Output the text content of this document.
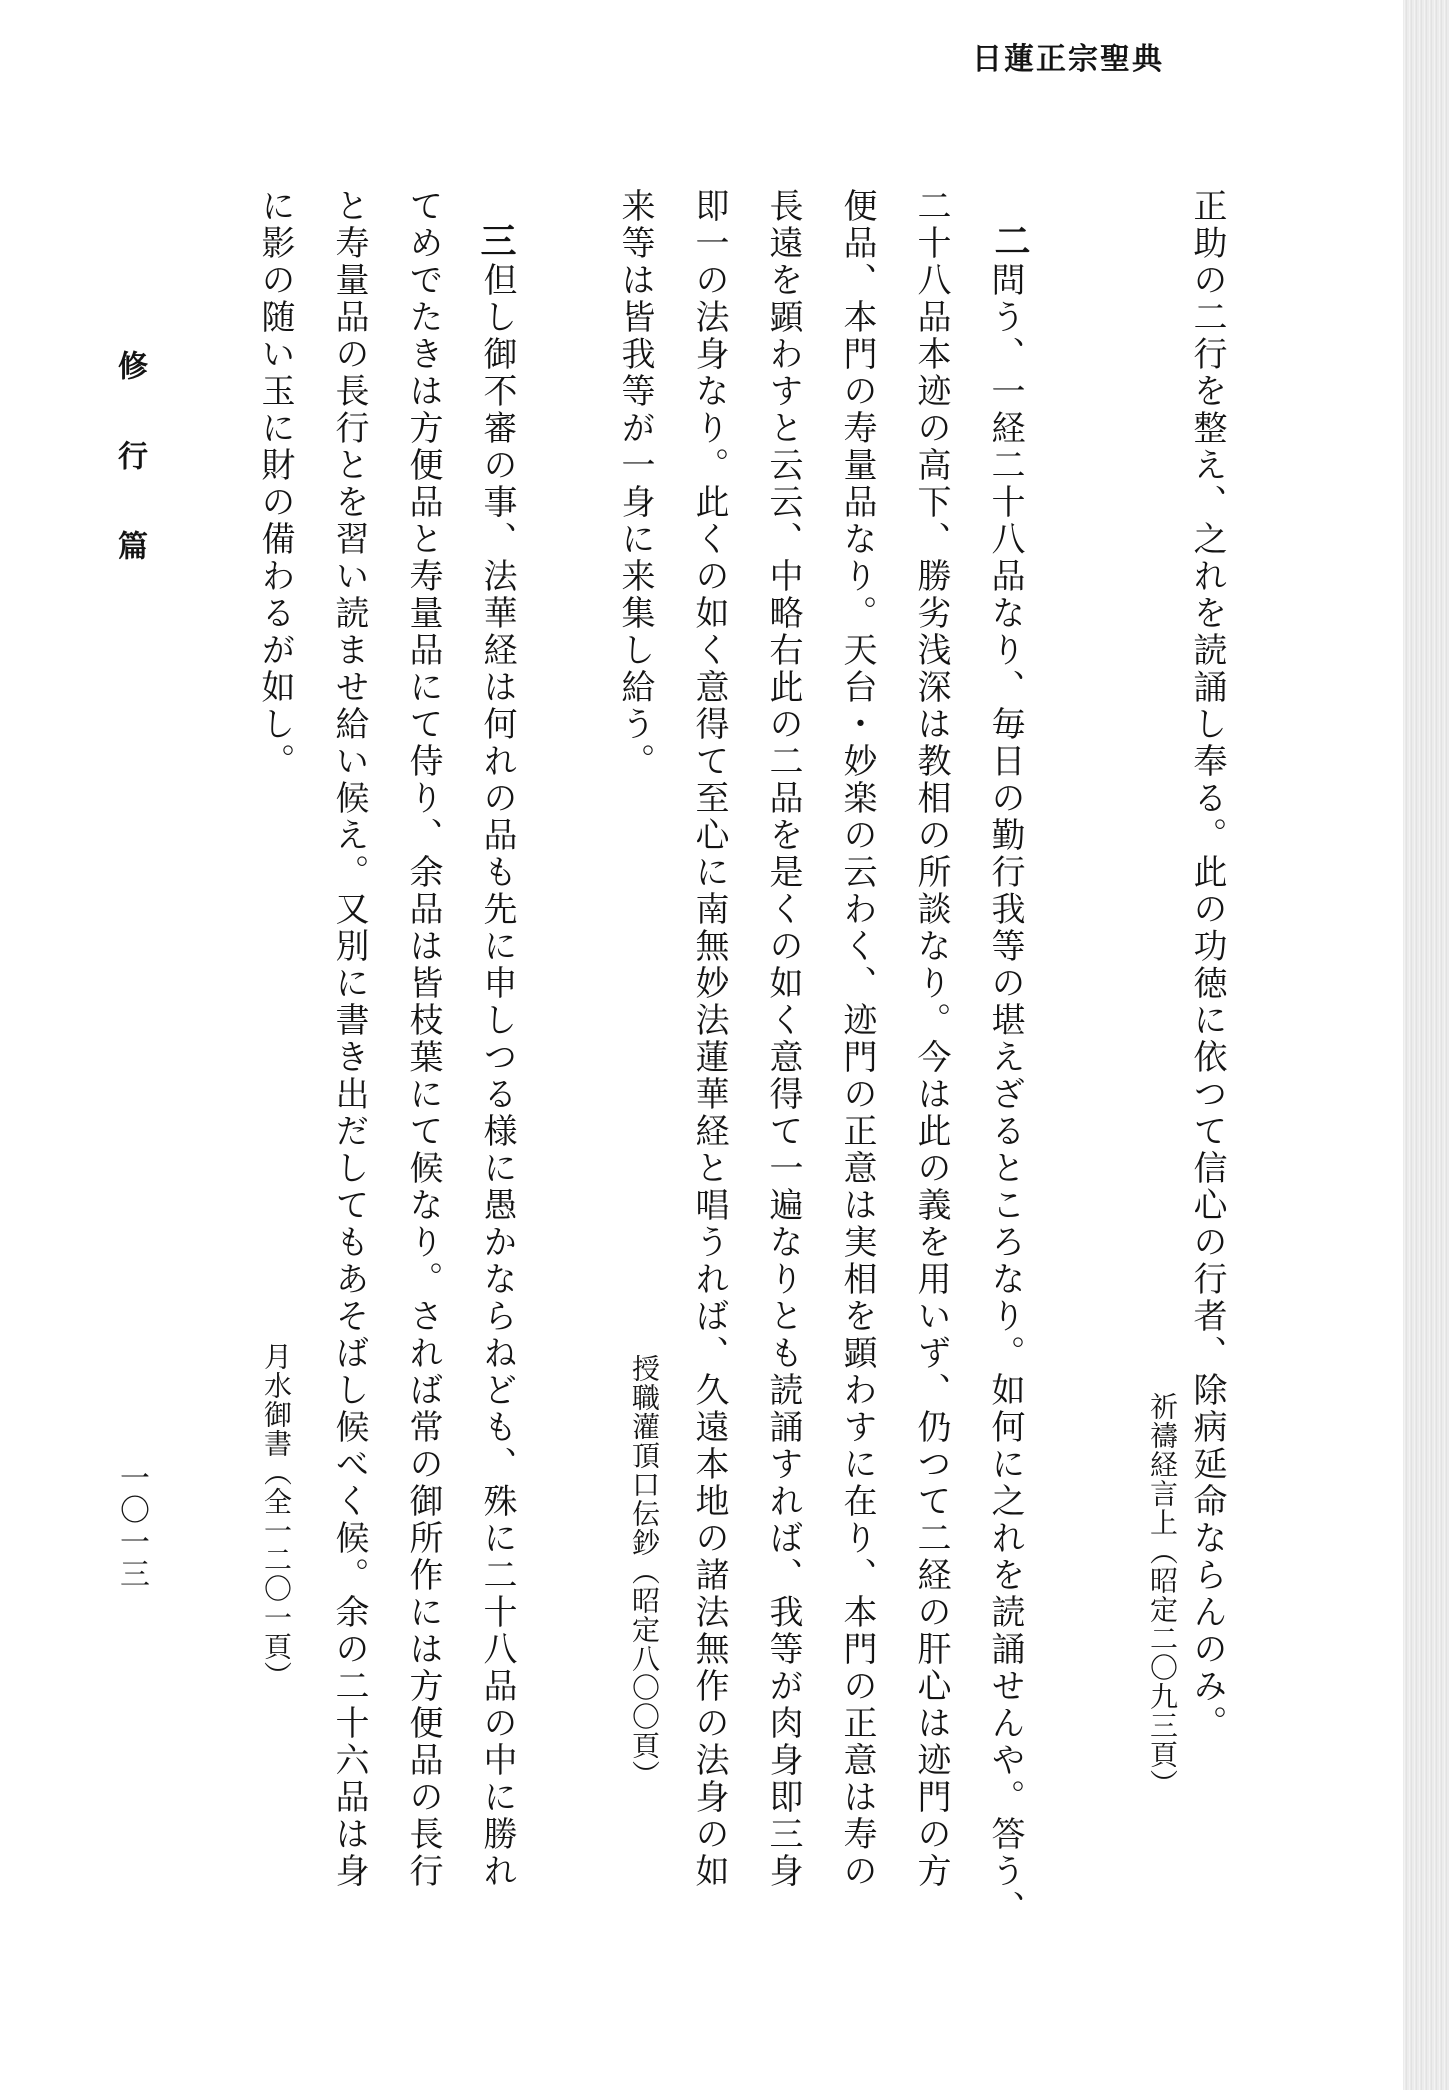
日蓮正宗聖典
正助の二行を整え、之れを読誦し奉る。此の功徳に依つて信心の行者、除病延命ならんのみ。
祈禱経言上（昭定二〇九三頁）
二
問う、一経二十八品なり、毎日の勤行我等の堪えざるところなり。如何に之れを読誦せんや。答う、
二十八品本迹の高下、勝劣浅深は教相の所談なり。今は此の義を用いず、仍つて二経の肝心は迹門の方
便品、本門の寿量品なり。天台・妙楽の云わく、迹門の正意は実相を顕わすに在り、本門の正意は寿の
長遠を顕わすと云云、中略右此の二品を是くの如く意得て一遍なりとも読誦すれば、我等が肉身即三身
即一の法身なり。此くの如く意得て至心に南無妙法蓮華経と唱うれば、久遠本地の諸法無作の法身の如
来等は皆我等が一身に来集し給う。
授職灌頂口伝鈔（昭定八〇〇頁）
三
但し御不審の事、法華経は何れの品も先に申しつる様に愚かならねども、殊に二十八品の中に勝れ
てめでたきは方便品と寿量品にて侍り、余品は皆枝葉にて候なり。されば常の御所作には方便品の長行
と寿量品の長行とを習い読ませ給い候え。又別に書き出だしてもあそばし候べく候。余の二十六品は身
に影の随い玉に財の備わるが如し。
月水御書（全一二〇一頁）
修行篇
一〇一三
